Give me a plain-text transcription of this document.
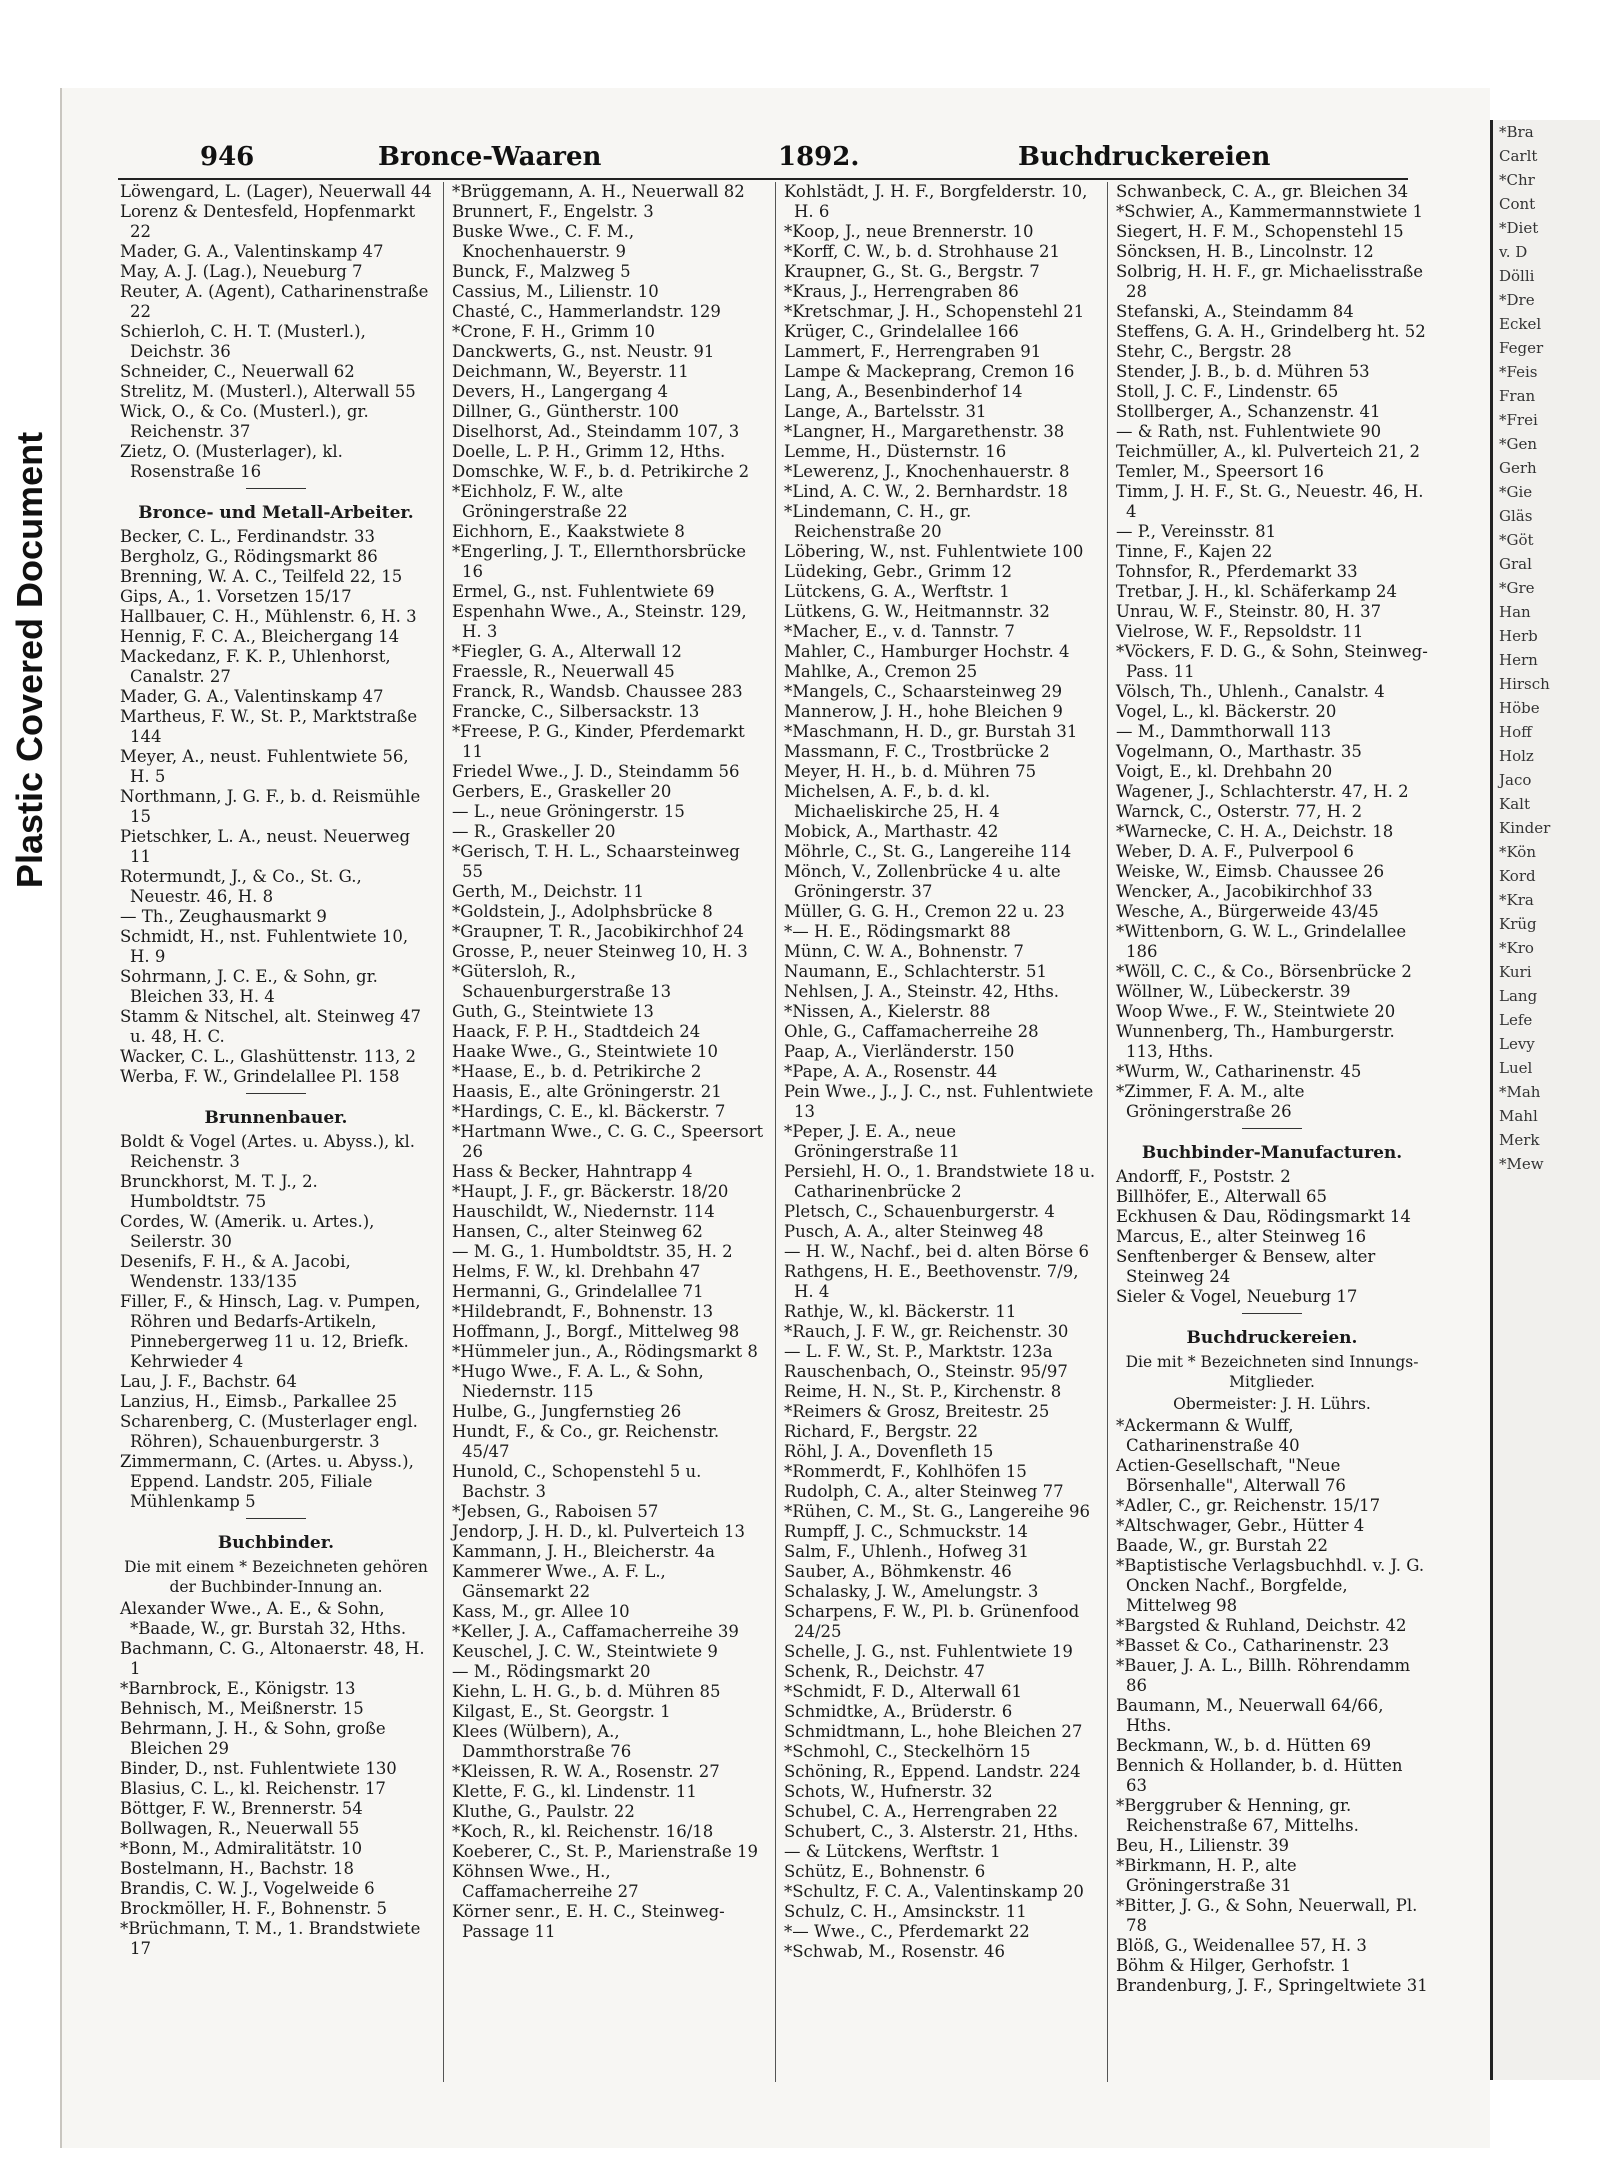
Plastic Covered Document
*Bra
Carlt
*Chr
Cont
*Diet
v. D
Dölli
*Dre
Eckel
Feger
*Feis
Fran
*Frei
*Gen
Gerh
*Gie
Gläs
*Göt
Gral
*Gre
Han
Herb
Hern
Hirsch
Höbe
Hoff
Holz
Jaco
Kalt
Kinder
*Kön
Kord
*Kra
Krüg
*Kro
Kuri
Lang
Lefe
Levy
Luel
*Mah
Mahl
Merk
*Mew
946	Bronce-Waaren	1892.	Buchdruckereien
Löwengard, L. (Lager), Neuerwall 44
Lorenz & Dentesfeld, Hopfenmarkt 22
Mader, G. A., Valentinskamp 47
May, A. J. (Lag.), Neueburg 7
Reuter, A. (Agent), Catharinenstraße 22
Schierloh, C. H. T. (Musterl.), Deichstr. 36
Schneider, C., Neuerwall 62
Strelitz, M. (Musterl.), Alterwall 55
Wick, O., & Co. (Musterl.), gr. Reichenstr. 37
Zietz, O. (Musterlager), kl. Rosenstraße 16
Bronce- und Metall-Arbeiter.
Becker, C. L., Ferdinandstr. 33
Bergholz, G., Rödingsmarkt 86
Brenning, W. A. C., Teilfeld 22, 15
Gips, A., 1. Vorsetzen 15/17
Hallbauer, C. H., Mühlenstr. 6, H. 3
Hennig, F. C. A., Bleichergang 14
Mackedanz, F. K. P., Uhlenhorst, Canalstr. 27
Mader, G. A., Valentinskamp 47
Martheus, F. W., St. P., Marktstraße 144
Meyer, A., neust. Fuhlentwiete 56, H. 5
Northmann, J. G. F., b. d. Reismühle 15
Pietschker, L. A., neust. Neuerweg 11
Rotermundt, J., & Co., St. G., Neuestr. 46, H. 8
— Th., Zeughausmarkt 9
Schmidt, H., nst. Fuhlentwiete 10, H. 9
Sohrmann, J. C. E., & Sohn, gr. Bleichen 33, H. 4
Stamm & Nitschel, alt. Steinweg 47 u. 48, H. C.
Wacker, C. L., Glashüttenstr. 113, 2
Werba, F. W., Grindelallee Pl. 158
Brunnenbauer.
Boldt & Vogel (Artes. u. Abyss.), kl. Reichenstr. 3
Brunckhorst, M. T. J., 2. Humboldtstr. 75
Cordes, W. (Amerik. u. Artes.), Seilerstr. 30
Desenifs, F. H., & A. Jacobi, Wendenstr. 133/135
Filler, F., & Hinsch, Lag. v. Pumpen, Röhren und Bedarfs-Artikeln, Pinnebergerweg 11 u. 12, Briefk. Kehrwieder 4
Lau, J. F., Bachstr. 64
Lanzius, H., Eimsb., Parkallee 25
Scharenberg, C. (Musterlager engl. Röhren), Schauenburgerstr. 3
Zimmermann, C. (Artes. u. Abyss.), Eppend. Landstr. 205, Filiale Mühlenkamp 5
Buchbinder.
Die mit einem * Bezeichneten gehören der Buchbinder-Innung an.
Alexander Wwe., A. E., & Sohn, *Baade, W., gr. Burstah 32, Hths.
Bachmann, C. G., Altonaerstr. 48, H. 1
*Barnbrock, E., Königstr. 13
Behnisch, M., Meißnerstr. 15
Behrmann, J. H., & Sohn, große Bleichen 29
Binder, D., nst. Fuhlentwiete 130
Blasius, C. L., kl. Reichenstr. 17
Böttger, F. W., Brennerstr. 54
Bollwagen, R., Neuerwall 55
*Bonn, M., Admiralitätstr. 10
Bostelmann, H., Bachstr. 18
Brandis, C. W. J., Vogelweide 6
Brockmöller, H. F., Bohnenstr. 5
*Brüchmann, T. M., 1. Brandstwiete 17
*Brüggemann, A. H., Neuerwall 82
Brunnert, F., Engelstr. 3
Buske Wwe., C. F. M., Knochenhauerstr. 9
Bunck, F., Malzweg 5
Cassius, M., Lilienstr. 10
Chasté, C., Hammerlandstr. 129
*Crone, F. H., Grimm 10
Danckwerts, G., nst. Neustr. 91
Deichmann, W., Beyerstr. 11
Devers, H., Langergang 4
Dillner, G., Güntherstr. 100
Diselhorst, Ad., Steindamm 107, 3
Doelle, L. P. H., Grimm 12, Hths.
Domschke, W. F., b. d. Petrikirche 2
*Eichholz, F. W., alte Gröningerstraße 22
Eichhorn, E., Kaakstwiete 8
*Engerling, J. T., Ellernthorsbrücke 16
Ermel, G., nst. Fuhlentwiete 69
Espenhahn Wwe., A., Steinstr. 129, H. 3
*Fiegler, G. A., Alterwall 12
Fraessle, R., Neuerwall 45
Franck, R., Wandsb. Chaussee 283
Francke, C., Silbersackstr. 13
*Freese, P. G., Kinder, Pferdemarkt 11
Friedel Wwe., J. D., Steindamm 56
Gerbers, E., Graskeller 20
— L., neue Gröningerstr. 15
— R., Graskeller 20
*Gerisch, T. H. L., Schaarsteinweg 55
Gerth, M., Deichstr. 11
*Goldstein, J., Adolphsbrücke 8
*Graupner, T. R., Jacobikirchhof 24
Grosse, P., neuer Steinweg 10, H. 3
*Gütersloh, R., Schauenburgerstraße 13
Guth, G., Steintwiete 13
Haack, F. P. H., Stadtdeich 24
Haake Wwe., G., Steintwiete 10
*Haase, E., b. d. Petrikirche 2
Haasis, E., alte Gröningerstr. 21
*Hardings, C. E., kl. Bäckerstr. 7
*Hartmann Wwe., C. G. C., Speersort 26
Hass & Becker, Hahntrapp 4
*Haupt, J. F., gr. Bäckerstr. 18/20
Hauschildt, W., Niedernstr. 114
Hansen, C., alter Steinweg 62
— M. G., 1. Humboldtstr. 35, H. 2
Helms, F. W., kl. Drehbahn 47
Hermanni, G., Grindelallee 71
*Hildebrandt, F., Bohnenstr. 13
Hoffmann, J., Borgf., Mittelweg 98
*Hümmeler jun., A., Rödingsmarkt 8
*Hugo Wwe., F. A. L., & Sohn, Niedernstr. 115
Hulbe, G., Jungfernstieg 26
Hundt, F., & Co., gr. Reichenstr. 45/47
Hunold, C., Schopenstehl 5 u. Bachstr. 3
*Jebsen, G., Raboisen 57
Jendorp, J. H. D., kl. Pulverteich 13
Kammann, J. H., Bleicherstr. 4a
Kammerer Wwe., A. F. L., Gänsemarkt 22
Kass, M., gr. Allee 10
*Keller, J. A., Caffamacherreihe 39
Keuschel, J. C. W., Steintwiete 9
— M., Rödingsmarkt 20
Kiehn, L. H. G., b. d. Mühren 85
Kilgast, E., St. Georgstr. 1
Klees (Wülbern), A., Dammthorstraße 76
*Kleissen, R. W. A., Rosenstr. 27
Klette, F. G., kl. Lindenstr. 11
Kluthe, G., Paulstr. 22
*Koch, R., kl. Reichenstr. 16/18
Koeberer, C., St. P., Marienstraße 19
Köhnsen Wwe., H., Caffamacherreihe 27
Körner senr., E. H. C., Steinweg-Passage 11
Kohlstädt, J. H. F., Borgfelderstr. 10, H. 6
*Koop, J., neue Brennerstr. 10
*Korff, C. W., b. d. Strohhause 21
Kraupner, G., St. G., Bergstr. 7
*Kraus, J., Herrengraben 86
*Kretschmar, J. H., Schopenstehl 21
Krüger, C., Grindelallee 166
Lammert, F., Herrengraben 91
Lampe & Mackeprang, Cremon 16
Lang, A., Besenbinderhof 14
Lange, A., Bartelsstr. 31
*Langner, H., Margarethenstr. 38
Lemme, H., Düsternstr. 16
*Lewerenz, J., Knochenhauerstr. 8
*Lind, A. C. W., 2. Bernhardstr. 18
*Lindemann, C. H., gr. Reichenstraße 20
Löbering, W., nst. Fuhlentwiete 100
Lüdeking, Gebr., Grimm 12
Lütckens, G. A., Werftstr. 1
Lütkens, G. W., Heitmannstr. 32
*Macher, E., v. d. Tannstr. 7
Mahler, C., Hamburger Hochstr. 4
Mahlke, A., Cremon 25
*Mangels, C., Schaarsteinweg 29
Mannerow, J. H., hohe Bleichen 9
*Maschmann, H. D., gr. Burstah 31
Massmann, F. C., Trostbrücke 2
Meyer, H. H., b. d. Mühren 75
Michelsen, A. F., b. d. kl. Michaeliskirche 25, H. 4
Mobick, A., Marthastr. 42
Möhrle, C., St. G., Langereihe 114
Mönch, V., Zollenbrücke 4 u. alte Gröningerstr. 37
Müller, G. G. H., Cremon 22 u. 23
*— H. E., Rödingsmarkt 88
Münn, C. W. A., Bohnenstr. 7
Naumann, E., Schlachterstr. 51
Nehlsen, J. A., Steinstr. 42, Hths.
*Nissen, A., Kielerstr. 88
Ohle, G., Caffamacherreihe 28
Paap, A., Vierländerstr. 150
*Pape, A. A., Rosenstr. 44
Pein Wwe., J., J. C., nst. Fuhlentwiete 13
*Peper, J. E. A., neue Gröningerstraße 11
Persiehl, H. O., 1. Brandstwiete 18 u. Catharinenbrücke 2
Pletsch, C., Schauenburgerstr. 4
Pusch, A. A., alter Steinweg 48
— H. W., Nachf., bei d. alten Börse 6
Rathgens, H. E., Beethovenstr. 7/9, H. 4
Rathje, W., kl. Bäckerstr. 11
*Rauch, J. F. W., gr. Reichenstr. 30
— L. F. W., St. P., Marktstr. 123a
Rauschenbach, O., Steinstr. 95/97
Reime, H. N., St. P., Kirchenstr. 8
*Reimers & Grosz, Breitestr. 25
Richard, F., Bergstr. 22
Röhl, J. A., Dovenfleth 15
*Rommerdt, F., Kohlhöfen 15
Rudolph, C. A., alter Steinweg 77
*Rühen, C. M., St. G., Langereihe 96
Rumpff, J. C., Schmuckstr. 14
Salm, F., Uhlenh., Hofweg 31
Sauber, A., Böhmkenstr. 46
Schalasky, J. W., Amelungstr. 3
Scharpens, F. W., Pl. b. Grünenfood 24/25
Schelle, J. G., nst. Fuhlentwiete 19
Schenk, R., Deichstr. 47
*Schmidt, F. D., Alterwall 61
Schmidtke, A., Brüderstr. 6
Schmidtmann, L., hohe Bleichen 27
*Schmohl, C., Steckelhörn 15
Schöning, R., Eppend. Landstr. 224
Schots, W., Hufnerstr. 32
Schubel, C. A., Herrengraben 22
Schubert, C., 3. Alsterstr. 21, Hths.
— & Lütckens, Werftstr. 1
Schütz, E., Bohnenstr. 6
*Schultz, F. C. A., Valentinskamp 20
Schulz, C. H., Amsinckstr. 11
*— Wwe., C., Pferdemarkt 22
*Schwab, M., Rosenstr. 46
Schwanbeck, C. A., gr. Bleichen 34
*Schwier, A., Kammermannstwiete 1
Siegert, H. F. M., Schopenstehl 15
Söncksen, H. B., Lincolnstr. 12
Solbrig, H. H. F., gr. Michaelisstraße 28
Stefanski, A., Steindamm 84
Steffens, G. A. H., Grindelberg ht. 52
Stehr, C., Bergstr. 28
Stender, J. B., b. d. Mühren 53
Stoll, J. C. F., Lindenstr. 65
Stollberger, A., Schanzenstr. 41
— & Rath, nst. Fuhlentwiete 90
Teichmüller, A., kl. Pulverteich 21, 2
Temler, M., Speersort 16
Timm, J. H. F., St. G., Neuestr. 46, H. 4
— P., Vereinsstr. 81
Tinne, F., Kajen 22
Tohnsfor, R., Pferdemarkt 33
Tretbar, J. H., kl. Schäferkamp 24
Unrau, W. F., Steinstr. 80, H. 37
Vielrose, W. F., Repsoldstr. 11
*Vöckers, F. D. G., & Sohn, Steinweg-Pass. 11
Völsch, Th., Uhlenh., Canalstr. 4
Vogel, L., kl. Bäckerstr. 20
— M., Dammthorwall 113
Vogelmann, O., Marthastr. 35
Voigt, E., kl. Drehbahn 20
Wagener, J., Schlachterstr. 47, H. 2
Warnck, C., Osterstr. 77, H. 2
*Warnecke, C. H. A., Deichstr. 18
Weber, D. A. F., Pulverpool 6
Weiske, W., Eimsb. Chaussee 26
Wencker, A., Jacobikirchhof 33
Wesche, A., Bürgerweide 43/45
*Wittenborn, G. W. L., Grindelallee 186
*Wöll, C. C., & Co., Börsenbrücke 2
Wöllner, W., Lübeckerstr. 39
Woop Wwe., F. W., Steintwiete 20
Wunnenberg, Th., Hamburgerstr. 113, Hths.
*Wurm, W., Catharinenstr. 45
*Zimmer, F. A. M., alte Gröningerstraße 26
Buchbinder-Manufacturen.
Andorff, F., Poststr. 2
Billhöfer, E., Alterwall 65
Eckhusen & Dau, Rödingsmarkt 14
Marcus, E., alter Steinweg 16
Senftenberger & Bensew, alter Steinweg 24
Sieler & Vogel, Neueburg 17
Buchdruckereien.
Die mit * Bezeichneten sind Innungs-Mitglieder.
Obermeister: J. H. Lührs.
*Ackermann & Wulff, Catharinenstraße 40
Actien-Gesellschaft, "Neue Börsenhalle", Alterwall 76
*Adler, C., gr. Reichenstr. 15/17
*Altschwager, Gebr., Hütter 4
Baade, W., gr. Burstah 22
*Baptistische Verlagsbuchhdl. v. J. G. Oncken Nachf., Borgfelde, Mittelweg 98
*Bargsted & Ruhland, Deichstr. 42
*Basset & Co., Catharinenstr. 23
*Bauer, J. A. L., Billh. Röhrendamm 86
Baumann, M., Neuerwall 64/66, Hths.
Beckmann, W., b. d. Hütten 69
Bennich & Hollander, b. d. Hütten 63
*Berggruber & Henning, gr. Reichenstraße 67, Mittelhs.
Beu, H., Lilienstr. 39
*Birkmann, H. P., alte Gröningerstraße 31
*Bitter, J. G., & Sohn, Neuerwall, Pl. 78
Blöß, G., Weidenallee 57, H. 3
Böhm & Hilger, Gerhofstr. 1
Brandenburg, J. F., Springeltwiete 31
